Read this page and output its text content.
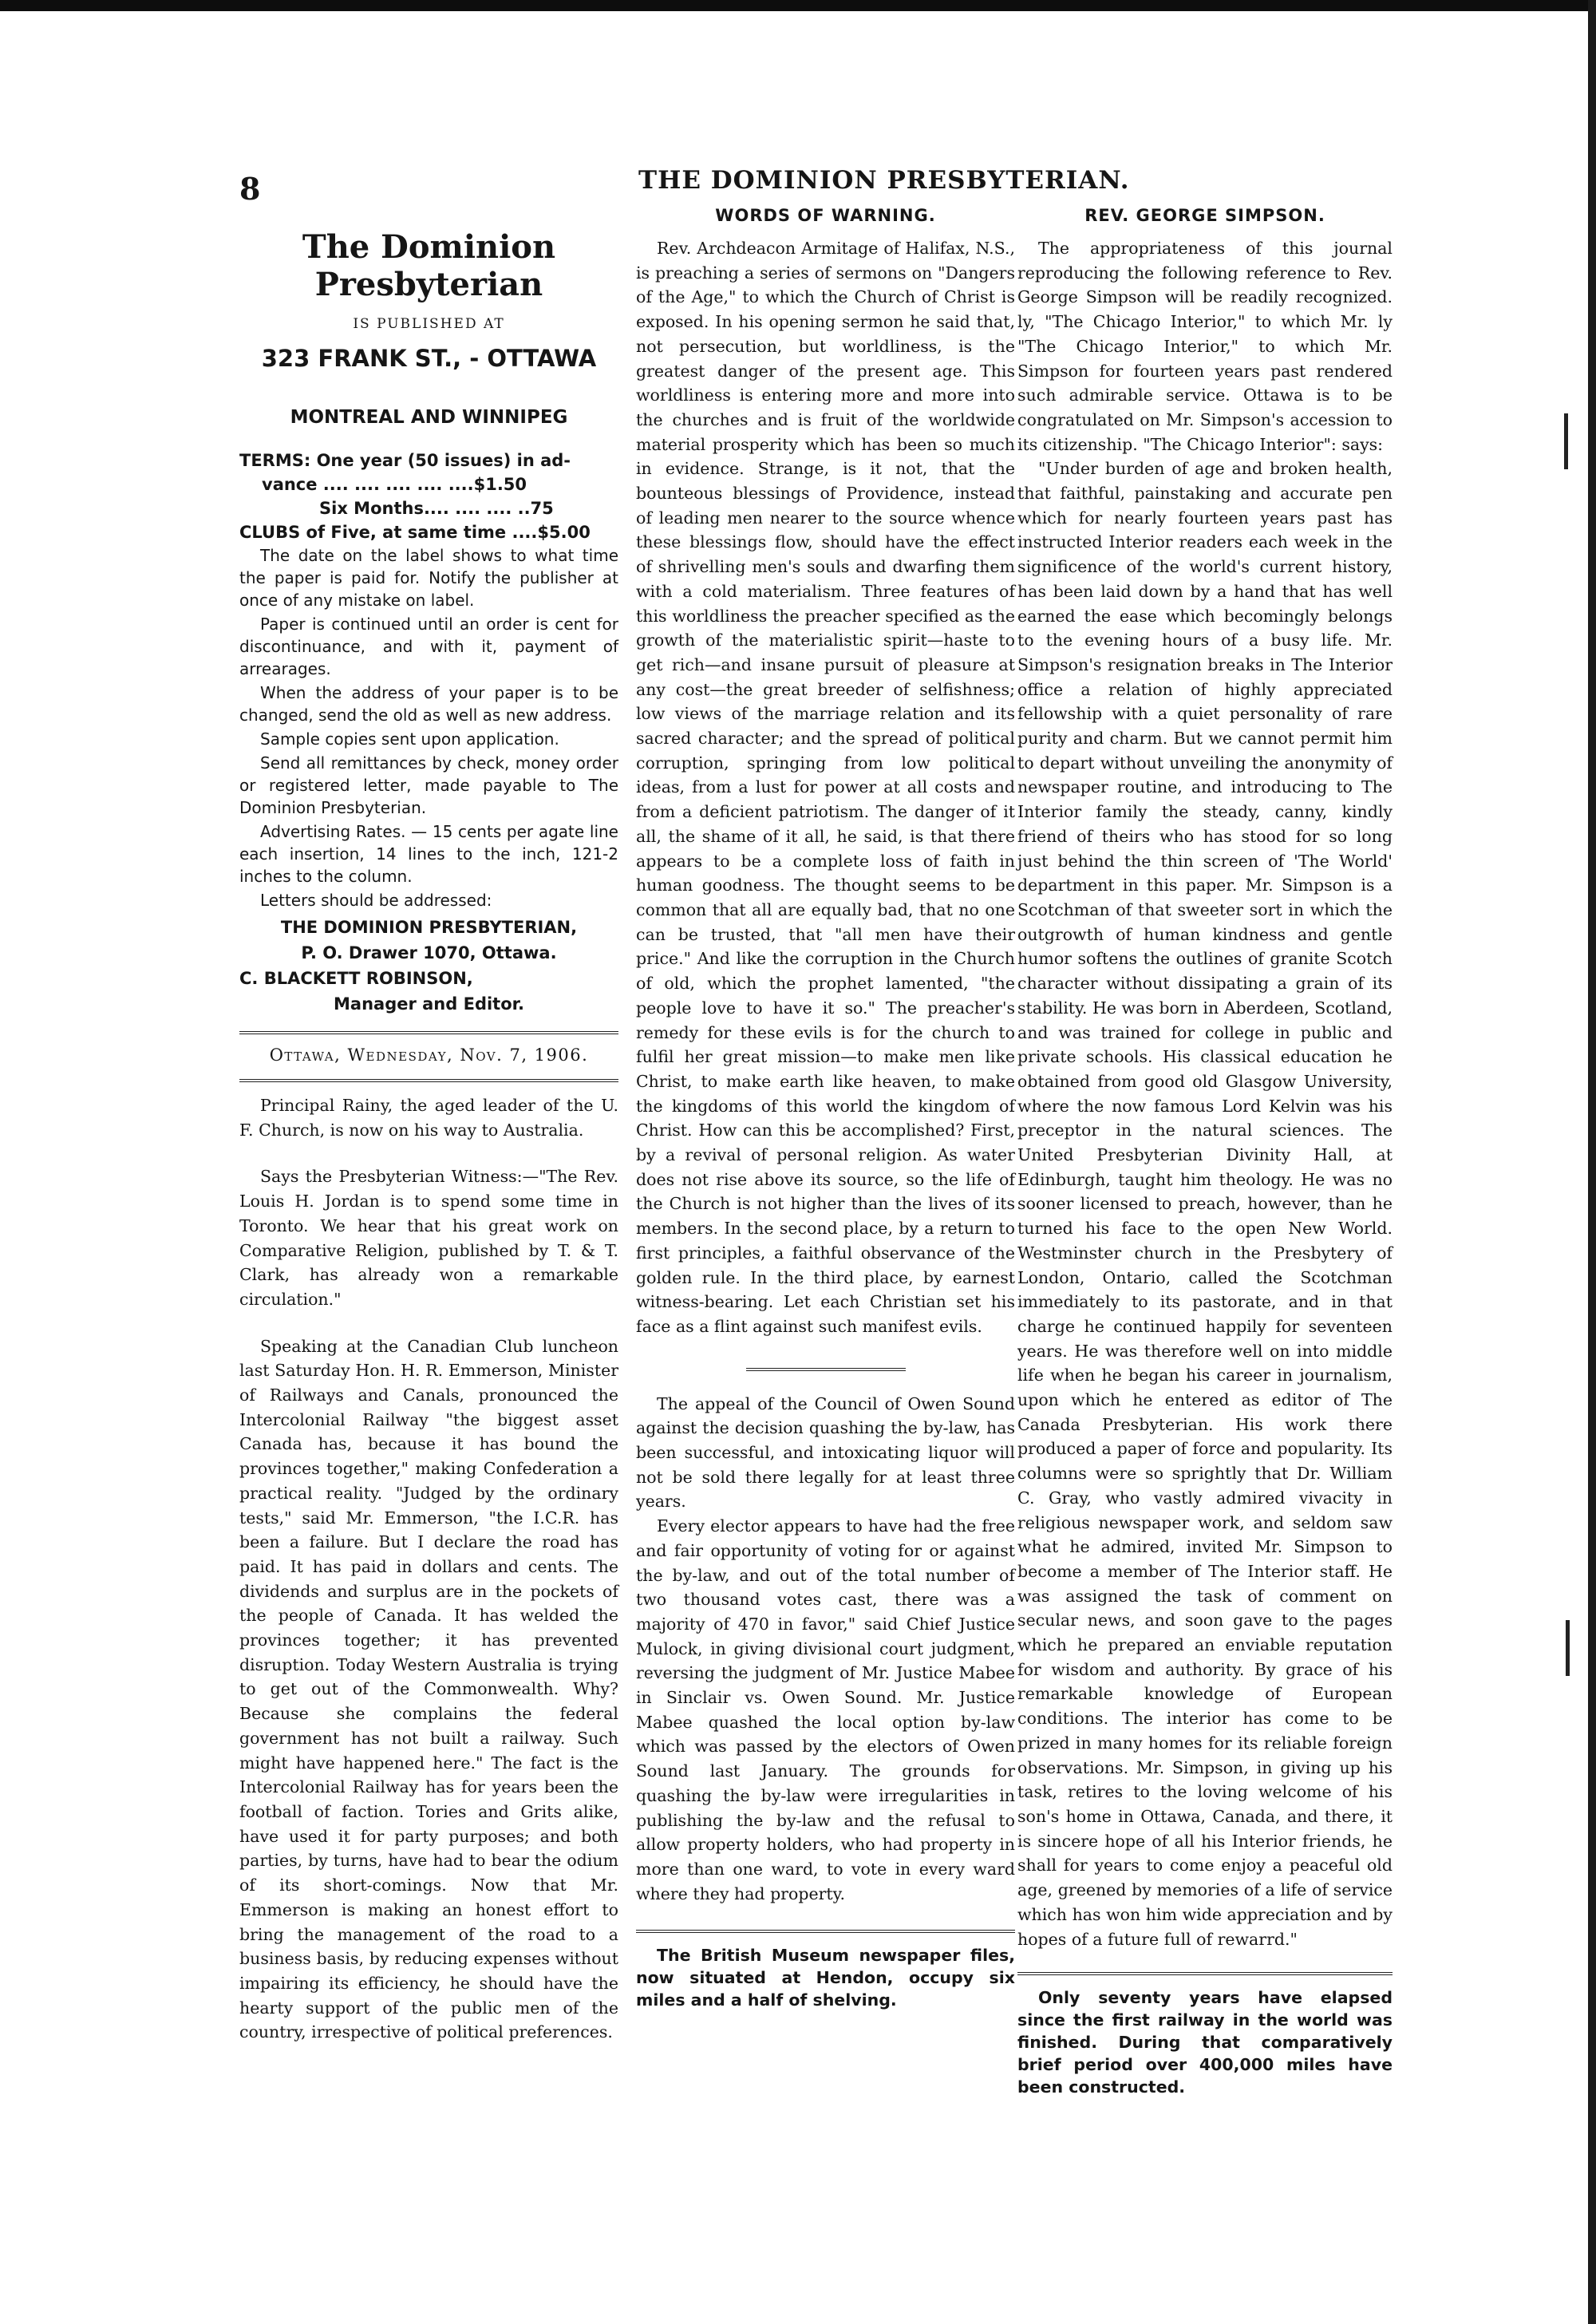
8	THE DOMINION PRESBYTERIAN.
The Dominion Presbyterian
IS PUBLISHED AT
323 FRANK ST., - OTTAWA
MONTREAL AND WINNIPEG
TERMS: One year (50 issues) in ad-
vance .... .... .... .... ....$1.50
Six Months.... .... .... ..75
CLUBS of Five, at same time ....$5.00

The date on the label shows to what time the paper is paid for. Notify the publisher at once of any mistake on label.

Paper is continued until an order is cent for discontinuance, and with it, payment of arrearages.

When the address of your paper is to be changed, send the old as well as new address.

Sample copies sent upon application.

Send all remittances by check, money order or registered letter, made payable to The Dominion Presbyterian.

Advertising Rates. — 15 cents per agate line each insertion, 14 lines to the inch, 121-2 inches to the column.

Letters should be addressed:

THE DOMINION PRESBYTERIAN,
P. O. Drawer 1070, Ottawa.
C. BLACKETT ROBINSON,
Manager and Editor.
Ottawa, Wednesday, Nov. 7, 1906.

Principal Rainy, the aged leader of the U. F. Church, is now on his way to Australia.

Says the Presbyterian Witness:—"The Rev. Louis H. Jordan is to spend some time in Toronto. We hear that his great work on Comparative Religion, published by T. & T. Clark, has already won a remarkable circulation."

Speaking at the Canadian Club luncheon last Saturday Hon. H. R. Emmerson, Minister of Railways and Canals, pronounced the Intercolonial Railway "the biggest asset Canada has, because it has bound the provinces together," making Confederation a practical reality. "Judged by the ordinary tests," said Mr. Emmerson, "the I.C.R. has been a failure. But I declare the road has paid. It has paid in dollars and cents. The dividends and surplus are in the pockets of the people of Canada. It has welded the provinces together; it has prevented disruption. Today Western Australia is trying to get out of the Commonwealth. Why? Because she complains the federal government has not built a railway. Such might have happened here." The fact is the Intercolonial Railway has for years been the football of faction. Tories and Grits alike, have used it for party purposes; and both parties, by turns, have had to bear the odium of its short-comings. Now that Mr. Emmerson is making an honest effort to bring the management of the road to a business basis, by reducing expenses without impairing its efficiency, he should have the hearty support of the public men of the country, irrespective of political preferences.

WORDS OF WARNING.

Rev. Archdeacon Armitage of Halifax, N.S., is preaching a series of sermons on "Dangers of the Age," to which the Church of Christ is exposed. In his opening sermon he said that, not persecution, but worldliness, is the greatest danger of the present age. This worldliness is entering more and more into the churches and is fruit of the worldwide material prosperity which has been so much in evidence. Strange, is it not, that the bounteous blessings of Providence, instead of leading men nearer to the source whence these blessings flow, should have the effect of shrivelling men's souls and dwarfing them with a cold materialism. Three features of this worldliness the preacher specified as the growth of the materialistic spirit—haste to get rich—and insane pursuit of pleasure at any cost—the great breeder of selfishness; low views of the marriage relation and its sacred character; and the spread of political corruption, springing from low political ideas, from a lust for power at all costs and from a deficient patriotism. The danger of it all, the shame of it all, he said, is that there appears to be a complete loss of faith in human goodness. The thought seems to be common that all are equally bad, that no one can be trusted, that "all men have their price." And like the corruption in the Church of old, which the prophet lamented, "the people love to have it so." The preacher's remedy for these evils is for the church to fulfil her great mission—to make men like Christ, to make earth like heaven, to make the kingdoms of this world the kingdom of Christ. How can this be accomplished? First, by a revival of personal religion. As water does not rise above its source, so the life of the Church is not higher than the lives of its members. In the second place, by a return to first principles, a faithful observance of the golden rule. In the third place, by earnest witness-bearing. Let each Christian set his face as a flint against such manifest evils.

The appeal of the Council of Owen Sound against the decision quashing the by-law, has been successful, and intoxicating liquor will not be sold there legally for at least three years.

Every elector appears to have had the free and fair opportunity of voting for or against the by-law, and out of the total number of two thousand votes cast, there was a majority of 470 in favor," said Chief Justice Mulock, in giving divisional court judgment, reversing the judgment of Mr. Justice Mabee in Sinclair vs. Owen Sound. Mr. Justice Mabee quashed the local option by-law which was passed by the electors of Owen Sound last January. The grounds for quashing the by-law were irregularities in publishing the by-law and the refusal to allow property holders, who had property in more than one ward, to vote in every ward where they had property.

The British Museum newspaper files, now situated at Hendon, occupy six miles and a half of shelving.

REV. GEORGE SIMPSON.

The appropriateness of this journal reproducing the following reference to Rev. George Simpson will be readily recognized. ly, "The Chicago Interior," to which Mr. ly "The Chicago Interior," to which Mr. Simpson for fourteen years past rendered such admirable service. Ottawa is to be congratulated on Mr. Simpson's accession to its citizenship. "The Chicago Interior": says:

"Under burden of age and broken health, that faithful, painstaking and accurate pen which for nearly fourteen years past has instructed Interior readers each week in the significence of the world's current history, has been laid down by a hand that has well earned the ease which becomingly belongs to the evening hours of a busy life. Mr. Simpson's resignation breaks in The Interior office a relation of highly appreciated fellowship with a quiet personality of rare purity and charm. But we cannot permit him to depart without unveiling the anonymity of newspaper routine, and introducing to The Interior family the steady, canny, kindly friend of theirs who has stood for so long just behind the thin screen of 'The World' department in this paper. Mr. Simpson is a Scotchman of that sweeter sort in which the outgrowth of human kindness and gentle humor softens the outlines of granite Scotch character without dissipating a grain of its stability. He was born in Aberdeen, Scotland, and was trained for college in public and private schools. His classical education he obtained from good old Glasgow University, where the now famous Lord Kelvin was his preceptor in the natural sciences. The United Presbyterian Divinity Hall, at Edinburgh, taught him theology. He was no sooner licensed to preach, however, than he turned his face to the open New World. Westminster church in the Presbytery of London, Ontario, called the Scotchman immediately to its pastorate, and in that charge he continued happily for seventeen years. He was therefore well on into middle life when he began his career in journalism, upon which he entered as editor of The Canada Presbyterian. His work there produced a paper of force and popularity. Its columns were so sprightly that Dr. William C. Gray, who vastly admired vivacity in religious newspaper work, and seldom saw what he admired, invited Mr. Simpson to become a member of The Interior staff. He was assigned the task of comment on secular news, and soon gave to the pages which he prepared an enviable reputation for wisdom and authority. By grace of his remarkable knowledge of European conditions. The interior has come to be prized in many homes for its reliable foreign observations. Mr. Simpson, in giving up his task, retires to the loving welcome of his son's home in Ottawa, Canada, and there, it is sincere hope of all his Interior friends, he shall for years to come enjoy a peaceful old age, greened by memories of a life of service which has won him wide appreciation and by hopes of a future full of rewarrd."

Only seventy years have elapsed since the first railway in the world was finished. During that comparatively brief period over 400,000 miles have been constructed.
